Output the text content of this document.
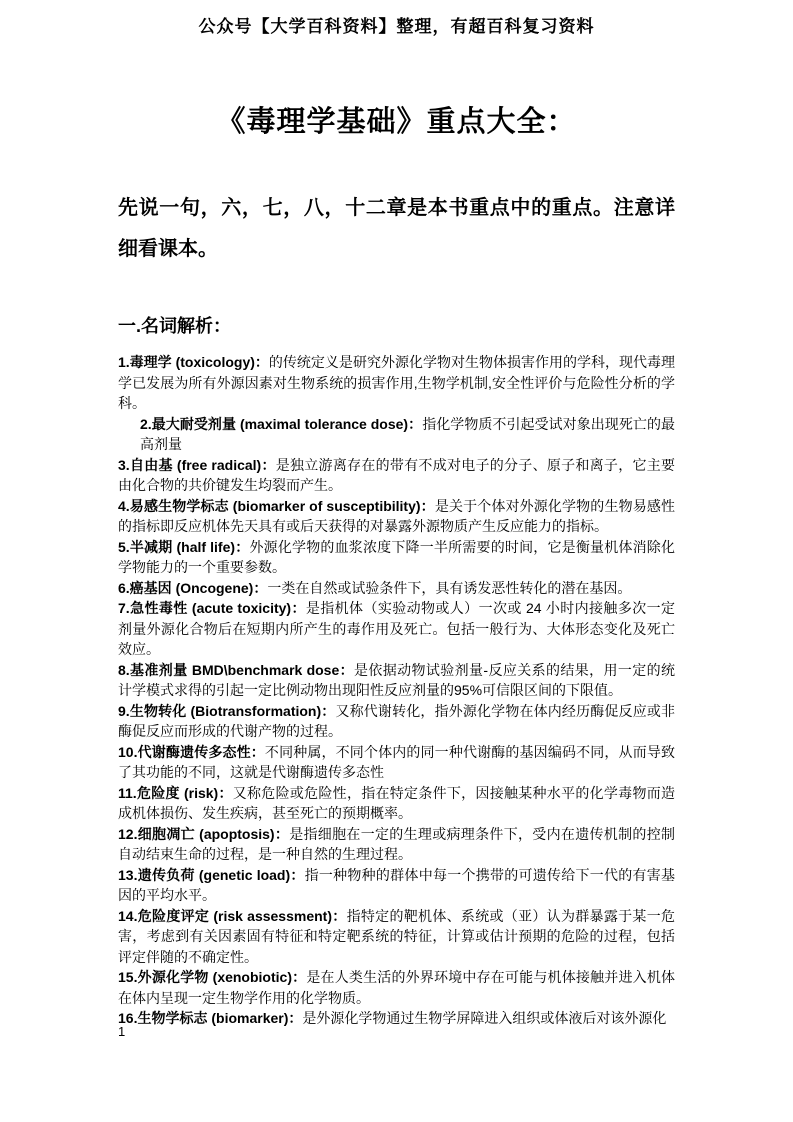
公众号【大学百科资料】整理，有超百科复习资料
《毒理学基础》重点大全：

先说一句，六，七，八，十二章是本书重点中的重点。注意详细看课本。

一.名词解析：

1.毒理学 (toxicology)：的传统定义是研究外源化学物对生物体损害作用的学科，现代毒理学已发展为所有外源因素对生物系统的损害作用,生物学机制,安全性评价与危险性分析的学科。

2.最大耐受剂量 (maximal tolerance dose)：指化学物质不引起受试对象出现死亡的最高剂量

3.自由基 (free radical)：是独立游离存在的带有不成对电子的分子、原子和离子，它主要由化合物的共价键发生均裂而产生。

4.易感生物学标志 (biomarker of susceptibility)：是关于个体对外源化学物的生物易感性的指标即反应机体先天具有或后天获得的对暴露外源物质产生反应能力的指标。

5.半减期 (half life)：外源化学物的血浆浓度下降一半所需要的时间，它是衡量机体消除化学物能力的一个重要参数。

6.癌基因 (Oncogene)：一类在自然或试验条件下，具有诱发恶性转化的潜在基因。

7.急性毒性 (acute toxicity)：是指机体（实验动物或人）一次或 24 小时内接触多次一定剂量外源化合物后在短期内所产生的毒作用及死亡。包括一般行为、大体形态变化及死亡效应。

8.基准剂量 BMD\benchmark dose：是依据动物试验剂量-反应关系的结果，用一定的统计学模式求得的引起一定比例动物出现阳性反应剂量的95%可信限区间的下限值。

9.生物转化 (Biotransformation)：又称代谢转化，指外源化学物在体内经历酶促反应或非酶促反应而形成的代谢产物的过程。

10.代谢酶遗传多态性：不同种属，不同个体内的同一种代谢酶的基因编码不同，从而导致了其功能的不同，这就是代谢酶遗传多态性

11.危险度 (risk)：又称危险或危险性，指在特定条件下，因接触某种水平的化学毒物而造成机体损伤、发生疾病，甚至死亡的预期概率。

12.细胞凋亡 (apoptosis)：是指细胞在一定的生理或病理条件下，受内在遗传机制的控制自动结束生命的过程，是一种自然的生理过程。

13.遗传负荷 (genetic load)：指一种物种的群体中每一个携带的可遗传给下一代的有害基因的平均水平。

14.危险度评定 (risk assessment)：指特定的靶机体、系统或（亚）认为群暴露于某一危害，考虑到有关因素固有特征和特定靶系统的特征，计算或估计预期的危险的过程，包括评定伴随的不确定性。

15.外源化学物 (xenobiotic)：是在人类生活的外界环境中存在可能与机体接触并进入机体在体内呈现一定生物学作用的化学物质。

16.生物学标志 (biomarker)：是外源化学物通过生物学屏障进入组织或体液后对该外源化

1
